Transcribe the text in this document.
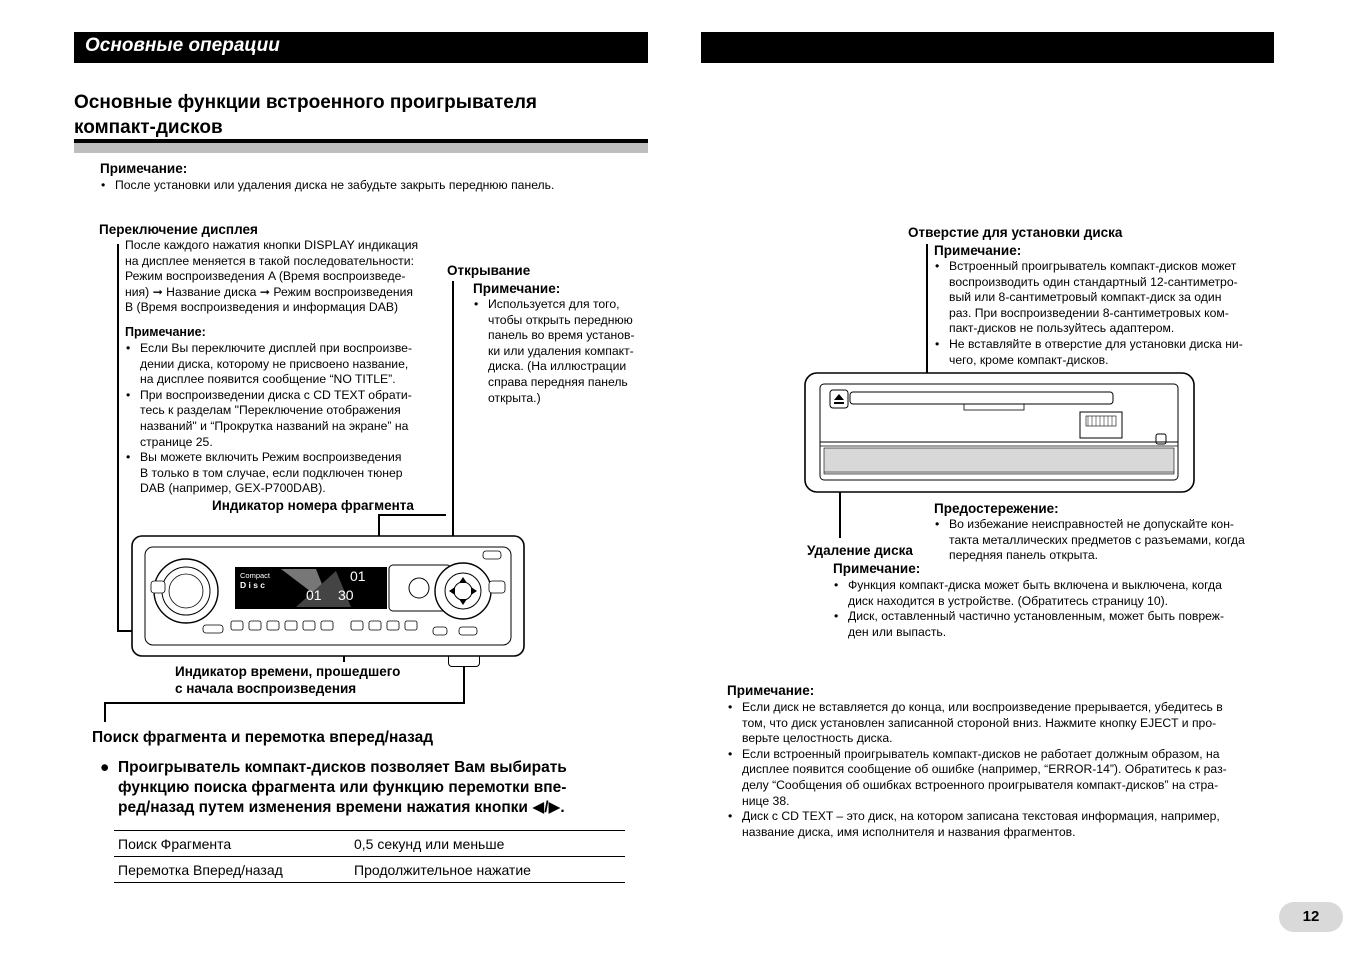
Основные операции
Основные функции встроенного проигрывателя
компакт-дисков
Примечание:
• После установки или удаления диска не забудьте закрыть переднюю панель.
Переключение дисплея
После каждого нажатия кнопки DISPLAY индикация
на дисплее меняется в такой последовательности:
Режим воспроизведения A (Время воспроизведе-
ния) ➞ Название диска ➞ Режим воспроизведения
B (Время воспроизведения и информация DAB)
Примечание:
• Если Вы переключите дисплей при воспроизве-
дении диска, которому не присвоено название,
на дисплее появится сообщение “NO TITLE”.
• При воспроизведении диска с CD TEXT обрати-
тесь к разделам "Переключение отображения
названий" и “Прокрутка названий на экране” на
странице 25.
• Вы можете включить Режим воспроизведения
B только в том случае, если подключен тюнер
DAB (например, GEX-P700DAB).
Открывание
Примечание:
• Используется для того,
чтобы открыть переднюю
панель во время установ-
ки или удаления компакт-
диска. (На иллюстрации
справа передняя панель
открыта.)
Индикатор номера фрагмента
Compact
D i s c
01
01 30
Индикатор времени, прошедшего
с начала воспроизведения
Поиск фрагмента и перемотка вперед/назад
● Проигрыватель компакт-дисков позволяет Вам выбирать
функцию поиска фрагмента или функцию перемотки впе-
ред/назад путем изменения времени нажатия кнопки ◀/▶.
Поиск Фрагмента	0,5 секунд или меньше
Перемотка Вперед/назад	Продолжительное нажатие
Отверстие для установки диска
Примечание:
• Встроенный проигрыватель компакт-дисков может
воспроизводить один стандартный 12-сантиметро-
вый или 8-сантиметровый компакт-диск за один
раз. При воспроизведении 8-сантиметровых ком-
пакт-дисков не пользуйтесь адаптером.
• Не вставляйте в отверстие для установки диска ни-
чего, кроме компакт-дисков.
Предостережение:
• Во избежание неисправностей не допускайте кон-
такта металлических предметов с разъемами, когда
передняя панель открыта.
Удаление диска
Примечание:
• Функция компакт-диска может быть включена и выключена, когда
диск находится в устройстве. (Обратитесь страницу 10).
• Диск, оставленный частично установленным, может быть повреж-
ден или выпасть.
Примечание:
• Если диск не вставляется до конца, или воспроизведение прерывается, убедитесь в
том, что диск установлен записанной стороной вниз. Нажмите кнопку EJECT и про-
верьте целостность диска.
• Если встроенный проигрыватель компакт-дисков не работает должным образом, на
дисплее появится сообщение об ошибке (например, “ERROR-14”). Обратитесь к раз-
делу “Сообщения об ошибках встроенного проигрывателя компакт-дисков” на стра-
нице 38.
• Диск с CD TEXT – это диск, на котором записана текстовая информация, например,
название диска, имя исполнителя и названия фрагментов.
12
